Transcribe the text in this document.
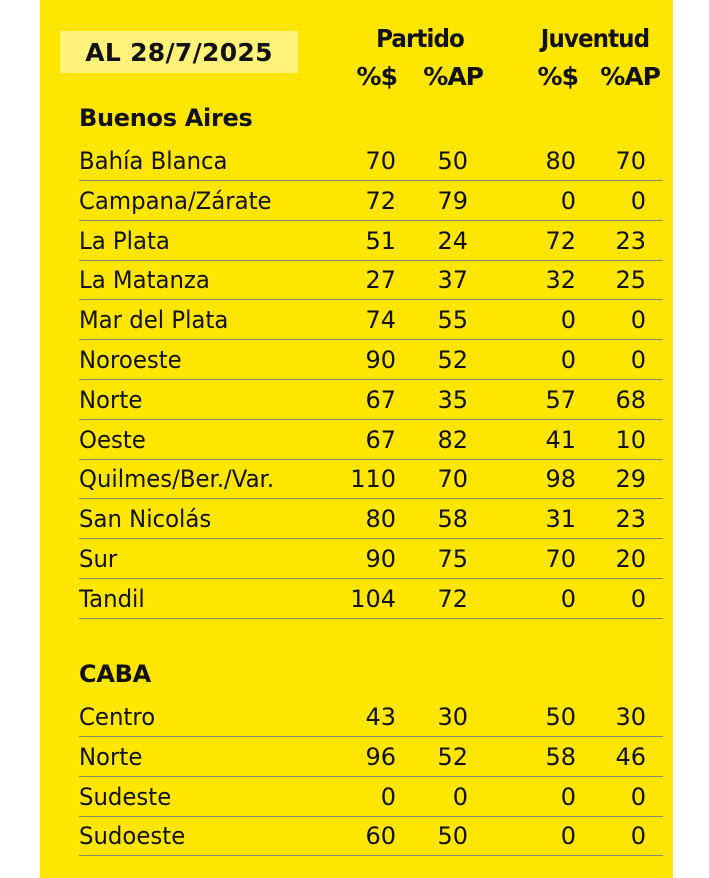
AL 28/7/2025	Partido	Juventud
%$	%AP	%$ %AP
Buenos Aires
CABA
Bahía Blanca	70	50	80	70
Campana/Zárate	72	79	0	0
La Plata	51	24	72	23
La Matanza	27	37	32	25
Mar del Plata	74	55	0	0
Noroeste	90	52	0	0
Norte	67	35	57	68
Oeste	67	82	41	10
Quilmes/Ber./Var.	110	70	98	29
San Nicolás	80	58	31	23
Sur	90	75	70	20
Tandil	104	72	0	0
Centro	43	30	50	30
Norte	96	52	58	46
Sudeste	0	0	0	0
Sudoeste	60	50	0	0
